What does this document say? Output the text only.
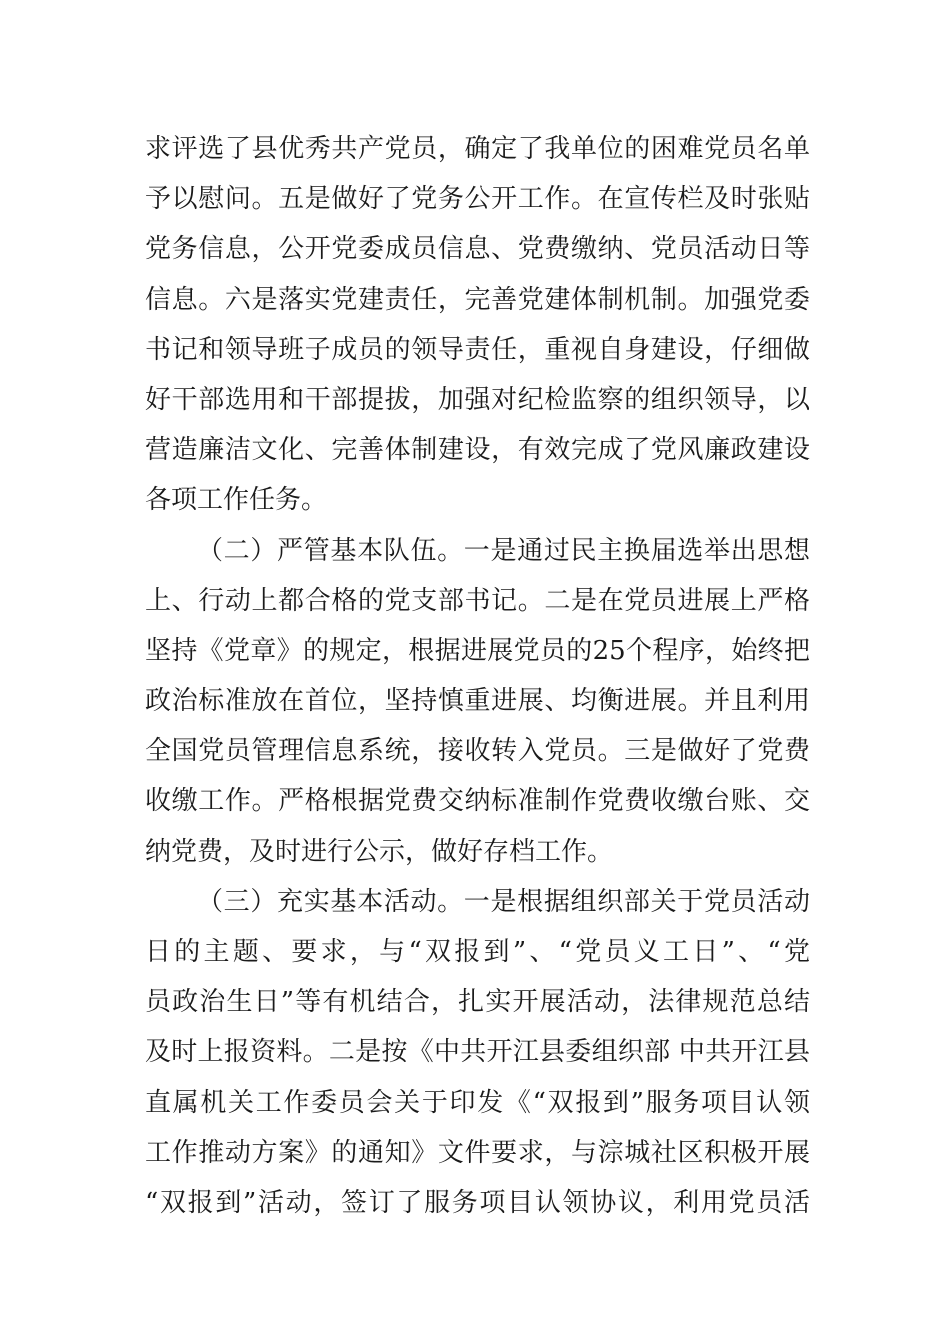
求评选了县优秀共产党员，确定了我单位的困难党员名单
予以慰问。五是做好了党务公开工作。在宣传栏及时张贴
党务信息，公开党委成员信息、党费缴纳、党员活动日等
信息。六是落实党建责任，完善党建体制机制。加强党委
书记和领导班子成员的领导责任，重视自身建设，仔细做
好干部选用和干部提拔，加强对纪检监察的组织领导，以
营造廉洁文化、完善体制建设，有效完成了党风廉政建设
各项工作任务。
（二）严管基本队伍。一是通过民主换届选举出思想
上、行动上都合格的党支部书记。二是在党员进展上严格
坚持《党章》的规定，根据进展党员的25个程序，始终把
政治标准放在首位，坚持慎重进展、均衡进展。并且利用
全国党员管理信息系统，接收转入党员。三是做好了党费
收缴工作。严格根据党费交纳标准制作党费收缴台账、交
纳党费，及时进行公示，做好存档工作。
（三）充实基本活动。一是根据组织部关于党员活动
日的主题、要求，与“双报到”、“党员义工日”、“党
员政治生日”等有机结合，扎实开展活动，法律规范总结
及时上报资料。二是按《中共开江县委组织部 中共开江县
直属机关工作委员会关于印发《“双报到”服务项目认领
工作推动方案》的通知》文件要求，与淙城社区积极开展
“双报到”活动，签订了服务项目认领协议，利用党员活
